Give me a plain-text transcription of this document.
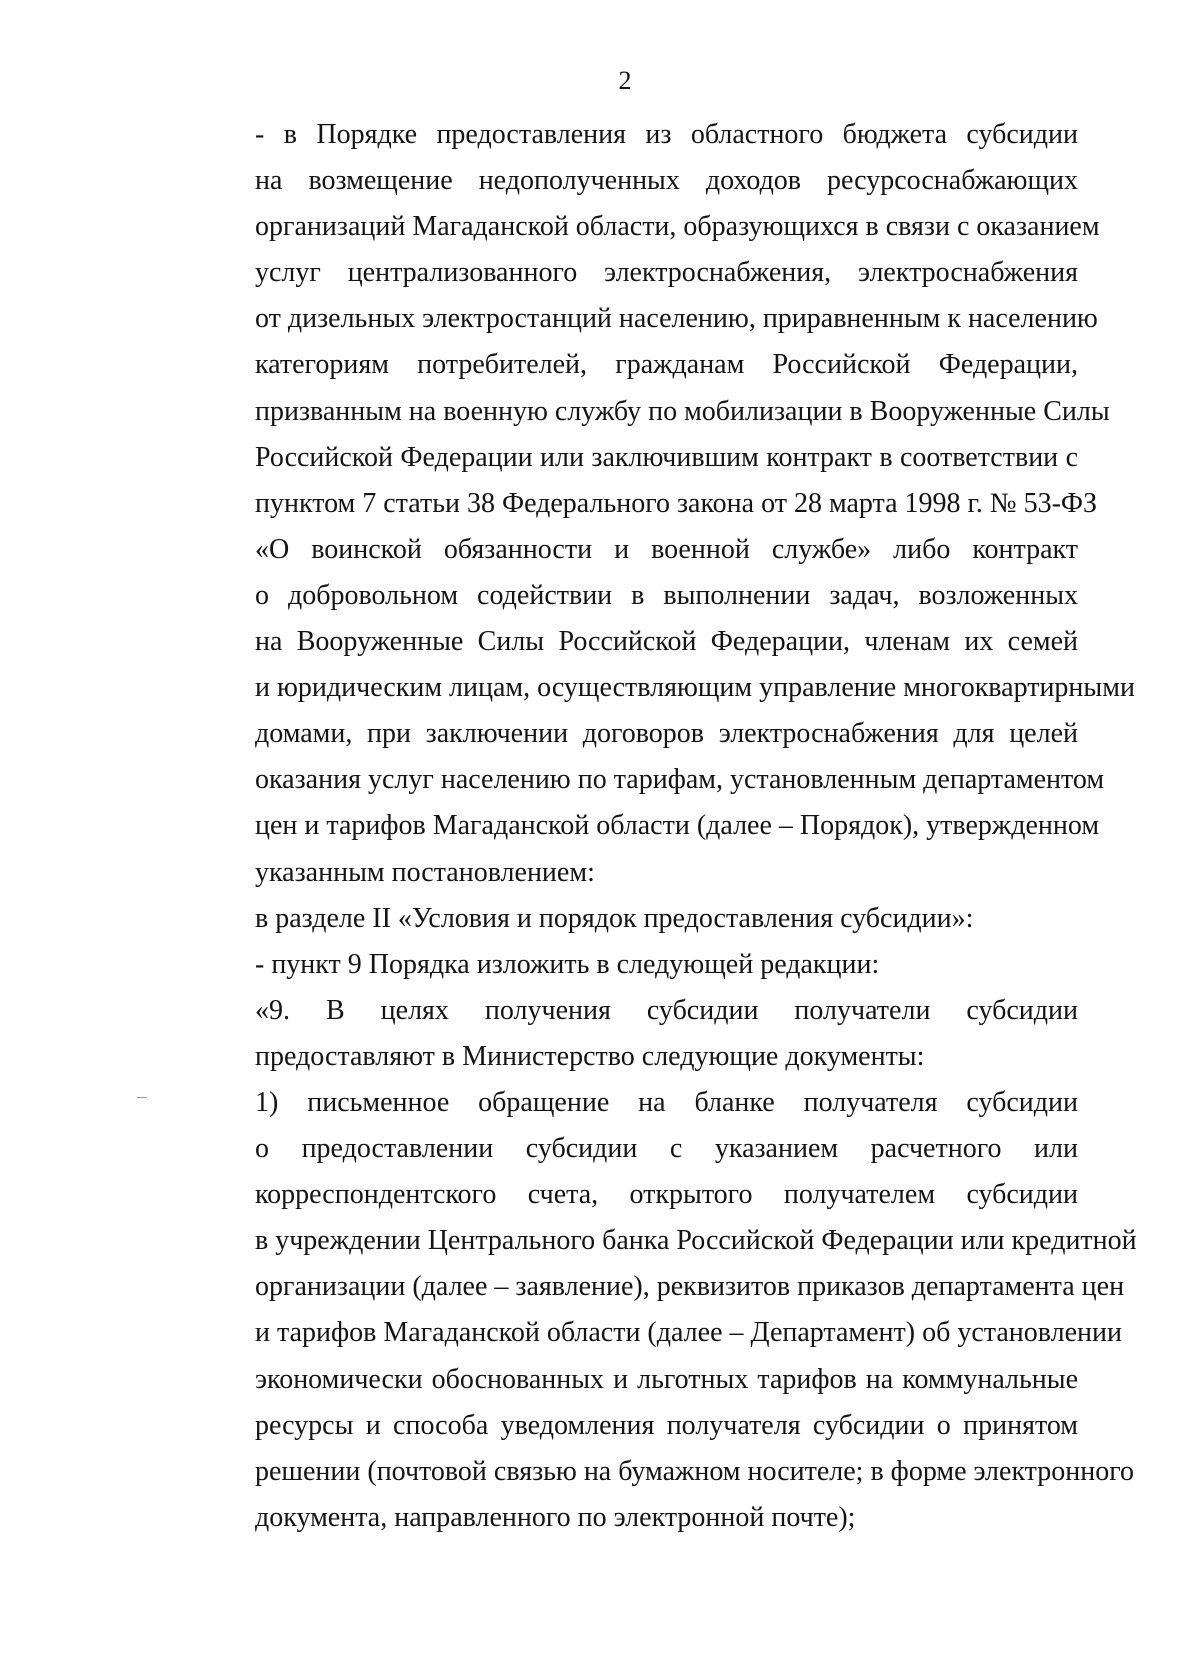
2
- в Порядке предоставления из областного бюджета субсидии
на возмещение недополученных доходов ресурсоснабжающих
организаций Магаданской области, образующихся в связи с оказанием
услуг централизованного электроснабжения, электроснабжения
от дизельных электростанций населению, приравненным к населению
категориям потребителей, гражданам Российской Федерации,
призванным на военную службу по мобилизации в Вооруженные Силы
Российской Федерации или заключившим контракт в соответствии с
пунктом 7 статьи 38 Федерального закона от 28 марта 1998 г. № 53-ФЗ
«О воинской обязанности и военной службе» либо контракт
о добровольном содействии в выполнении задач, возложенных
на Вооруженные Силы Российской Федерации, членам их семей
и юридическим лицам, осуществляющим управление многоквартирными
домами, при заключении договоров электроснабжения для целей
оказания услуг населению по тарифам, установленным департаментом
цен и тарифов Магаданской области (далее – Порядок), утвержденном
указанным постановлением:
в разделе II «Условия и порядок предоставления субсидии»:
- пункт 9 Порядка изложить в следующей редакции:
«9. В целях получения субсидии получатели субсидии
предоставляют в Министерство следующие документы:
1) письменное обращение на бланке получателя субсидии
о предоставлении субсидии с указанием расчетного или
корреспондентского счета, открытого получателем субсидии
в учреждении Центрального банка Российской Федерации или кредитной
организации (далее – заявление), реквизитов приказов департамента цен
и тарифов Магаданской области (далее – Департамент) об установлении
экономически обоснованных и льготных тарифов на коммунальные
ресурсы и способа уведомления получателя субсидии о принятом
решении (почтовой связью на бумажном носителе; в форме электронного
документа, направленного по электронной почте);
